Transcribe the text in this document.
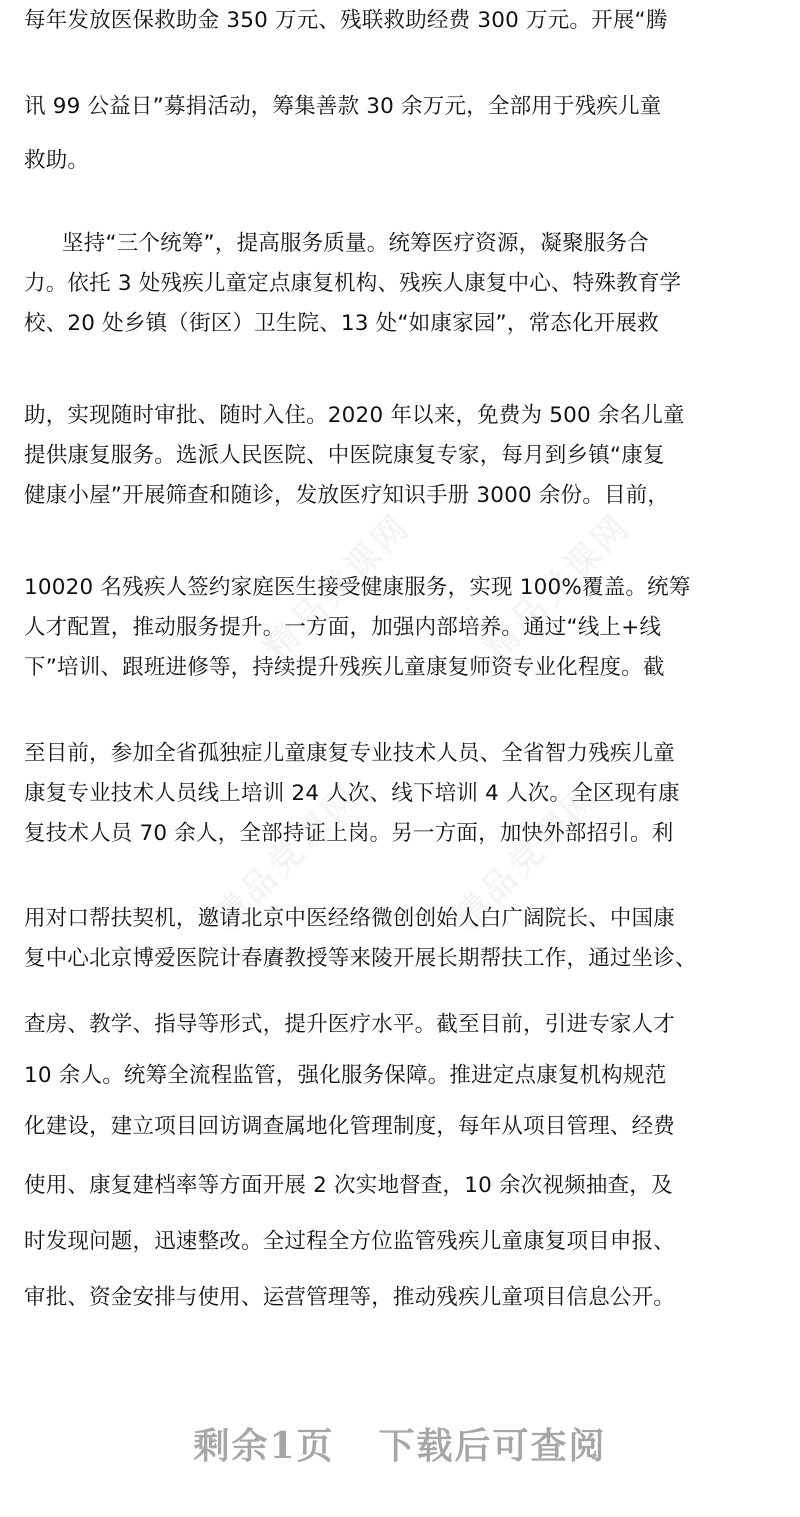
每年发放医保救助金 350 万元、残联救助经费 300 万元。开展“腾
讯 99 公益日”募捐活动，筹集善款 30 余万元，全部用于残疾儿童
救助。
坚持“三个统筹”，提高服务质量。统筹医疗资源，凝聚服务合
力。依托 3 处残疾儿童定点康复机构、残疾人康复中心、特殊教育学
校、20 处乡镇（街区）卫生院、13 处“如康家园”，常态化开展救
助，实现随时审批、随时入住。2020 年以来，免费为 500 余名儿童
提供康复服务。选派人民医院、中医院康复专家，每月到乡镇“康复
健康小屋”开展筛查和随诊，发放医疗知识手册 3000 余份。目前，
10020 名残疾人签约家庭医生接受健康服务，实现 100%覆盖。统筹
人才配置，推动服务提升。一方面，加强内部培养。通过“线上+线
下”培训、跟班进修等，持续提升残疾儿童康复师资专业化程度。截
至目前，参加全省孤独症儿童康复专业技术人员、全省智力残疾儿童
康复专业技术人员线上培训 24 人次、线下培训 4 人次。全区现有康
复技术人员 70 余人，全部持证上岗。另一方面，加快外部招引。利
用对口帮扶契机，邀请北京中医经络微创创始人白广阔院长、中国康
复中心北京博爱医院计春賡教授等来陵开展长期帮扶工作，通过坐诊、
查房、教学、指导等形式，提升医疗水平。截至目前，引进专家人才
10 余人。统筹全流程监管，强化服务保障。推进定点康复机构规范
化建设，建立项目回访调查属地化管理制度，每年从项目管理、经费
使用、康复建档率等方面开展 2 次实地督查，10 余次视频抽查，及
时发现问题，迅速整改。全过程全方位监管残疾儿童康复项目申报、
审批、资金安排与使用、运营管理等，推动残疾儿童项目信息公开。
剩余1页 下载后可查阅
